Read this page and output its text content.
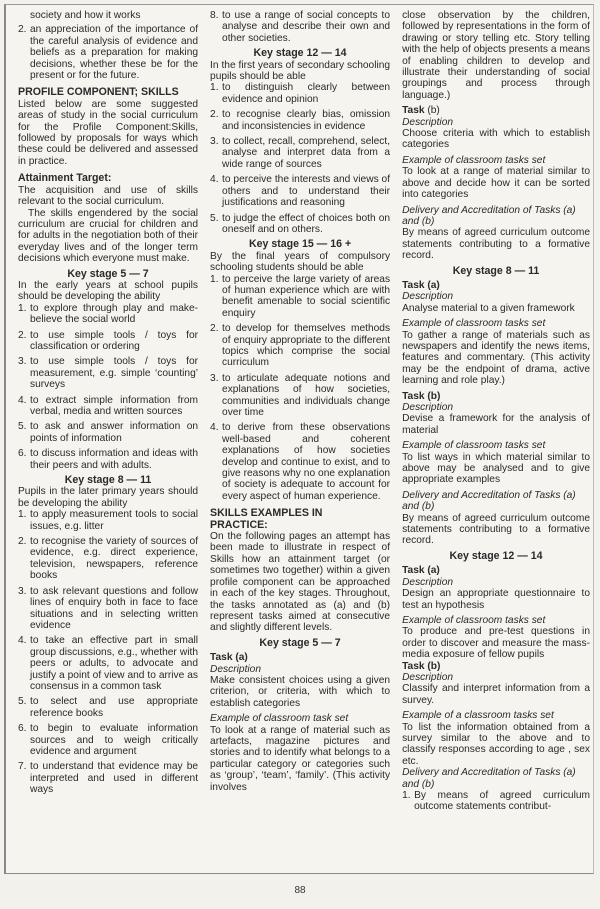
society and how it works

2. an appreciation of the importance of the careful analysis of evidence and beliefs as a preparation for making decisions, whether these be for the present or for the future.
PROFILE COMPONENT; SKILLS

Listed below are some suggested areas of study in the social curriculum for the Profile Component:Skills, followed by proposals for ways which these could be delivered and assessed in practice.

Attainment Target:

The acquisition and use of skills relevant to the social curriculum.

The skills engendered by the social curriculum are crucial for children and for adults in the negotiation both of their everyday lives and of the longer term decisions which everyone must make.

Key stage 5 — 7

In the early years at school pupils should be developing the ability

1. to explore through play and make-believe the social world
2. to use simple tools / toys for classification or ordering
3. to use simple tools / toys for measurement, e.g. simple ‘counting’ surveys
4. to extract simple information from verbal, media and written sources
5. to ask and answer information on points of information
6. to discuss information and ideas with their peers and with adults.
Key stage 8 — 11

Pupils in the later primary years should be developing the ability

1. to apply measurement tools to social issues, e.g. litter
2. to recognise the variety of sources of evidence, e.g. direct experience, television, newspapers, reference books
3. to ask relevant questions and follow lines of enquiry both in face to face situations and in selecting written evidence
4. to take an effective part in small group discussions, e.g., whether with peers or adults, to advocate and justify a point of view and to arrive as consensus in a common task
5. to select and use appropriate reference books
6. to begin to evaluate information sources and to weigh critically evidence and argument
7. to understand that evidence may be interpreted and used in different ways
8. to use a range of social concepts to analyse and describe their own and other societies.
Key stage 12 — 14

In the first years of secondary schooling pupils should be able

1. to distinguish clearly between evidence and opinion
2. to recognise clearly bias, omission and inconsistencies in evidence
3. to collect, recall, comprehend, select, analyse and interpret data from a wide range of sources
4. to perceive the interests and views of others and to understand their justifications and reasoning
5. to judge the effect of choices both on oneself and on others.
Key stage 15 — 16 +

By the final years of compulsory schooling students should be able

1. to perceive the large variety of areas of human experience which are with benefit amenable to social scientific enquiry
2. to develop for themselves methods of enquiry appropriate to the different topics which comprise the social curriculum
3. to articulate adequate notions and explanations of how societies, communities and individuals change over time
4. to derive from these observations well-based and coherent explanations of how societies develop and continue to exist, and to give reasons why no one explanation of society is adequate to account for every aspect of human experience.
SKILLS EXAMPLES IN
PRACTICE:

On the following pages an attempt has been made to illustrate in respect of Skills how an attainment target (or sometimes two together) within a given profile component can be approached in each of the key stages. Throughout, the tasks annotated as (a) and (b) represent tasks aimed at consecutive and slightly different levels.

Key stage 5 — 7
Task (a)
Description

Make consistent choices using a given criterion, or criteria, with which to establish categories

Example of classroom task set

To look at a range of material such as artefacts, magazine pictures and stories and to identify what belongs to a particular category or categories such as ‘group’, ‘team’, ‘family’. (This activity involves

close observation by the children, followed by representations in the form of drawing or story telling etc. Story telling with the help of objects presents a means of enabling children to develop and illustrate their understanding of social groupings and process through language.)

Task (b)
Description

Choose criteria with which to establish categories

Example of classroom tasks set

To look at a range of material similar to above and decide how it can be sorted into categories

Delivery and Accreditation of Tasks (a) and (b)

By means of agreed curriculum outcome statements contributing to a formative record.

Key stage 8 — 11
Task (a)
Description

Analyse material to a given framework

Example of classroom tasks set

To gather a range of materials such as newspapers and identify the news items, features and commentary. (This activity may be the endpoint of drama, active learning and role play.)

Task (b)
Description

Devise a framework for the analysis of material

Example of classroom tasks set

To list ways in which material similar to above may be analysed and to give appropriate examples

Delivery and Accreditation of Tasks (a) and (b)

By means of agreed curriculum outcome statements contributing to a formative record.

Key stage 12 — 14
Task (a)
Description

Design an appropriate questionnaire to test an hypothesis

Example of classroom tasks set

To produce and pre-test questions in order to discover and measure the mass-media exposure of fellow pupils

Task (b)
Description

Classify and interpret information from a survey.

Example of a classroom tasks set

To list the information obtained from a survey similar to the above and to classify responses according to age , sex etc.

Delivery and Accreditation of Tasks (a) and (b)
1. By means of agreed curriculum outcome statements contribut-
88
